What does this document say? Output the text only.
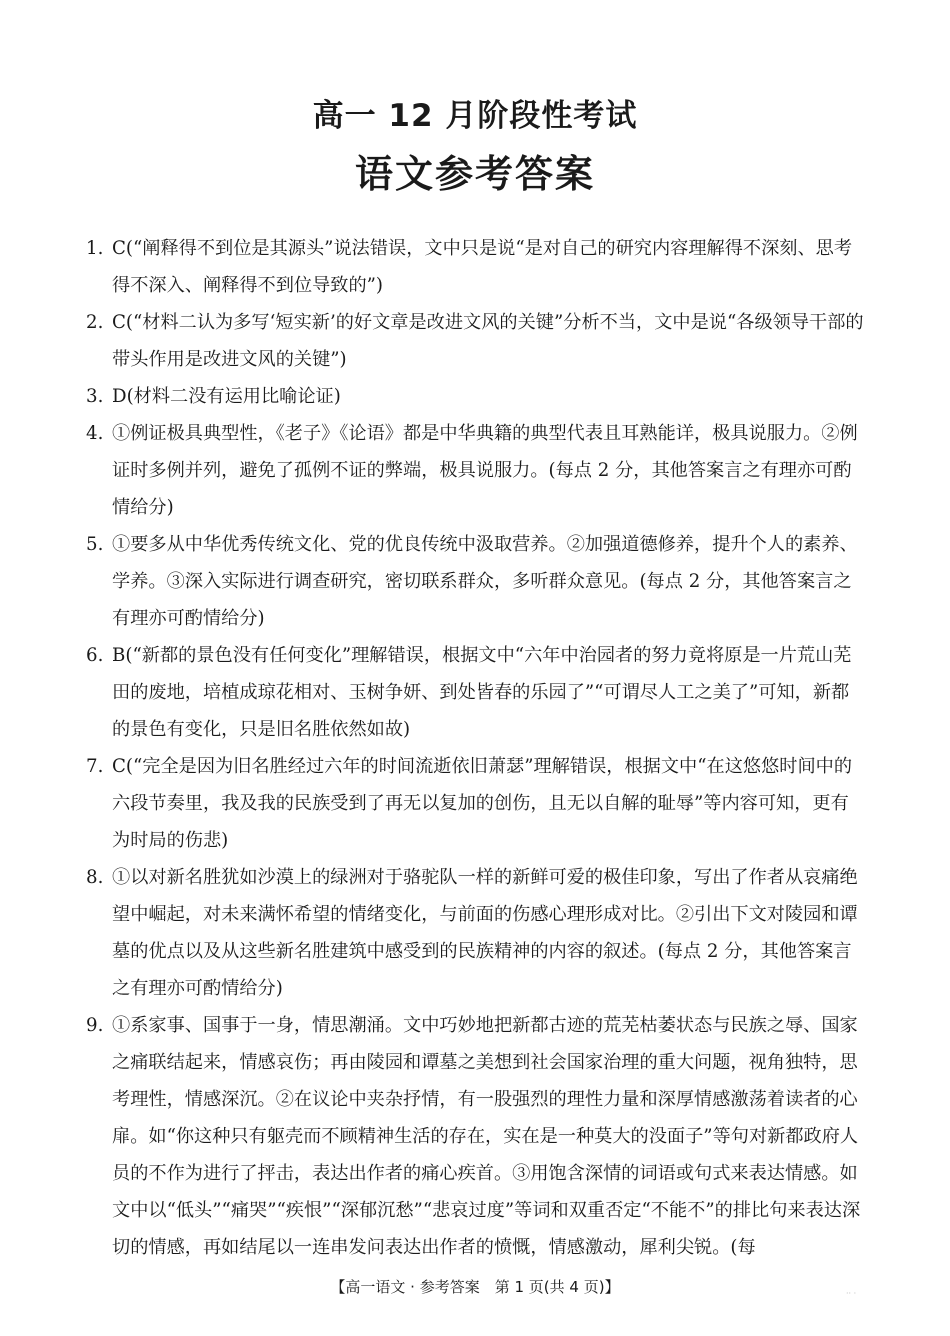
高一 12 月阶段性考试
语文参考答案
1. C(“阐释得不到位是其源头”说法错误，文中只是说“是对自己的研究内容理解得不深刻、思考得不深入、阐释得不到位导致的”)
2. C(“材料二认为多写‘短实新’的好文章是改进文风的关键”分析不当，文中是说“各级领导干部的带头作用是改进文风的关键”)
3. D(材料二没有运用比喻论证)
4. ①例证极具典型性，《老子》《论语》都是中华典籍的典型代表且耳熟能详，极具说服力。②例证时多例并列，避免了孤例不证的弊端，极具说服力。(每点 2 分，其他答案言之有理亦可酌情给分)
5. ①要多从中华优秀传统文化、党的优良传统中汲取营养。②加强道德修养，提升个人的素养、学养。③深入实际进行调查研究，密切联系群众，多听群众意见。(每点 2 分，其他答案言之有理亦可酌情给分)
6. B(“新都的景色没有任何变化”理解错误，根据文中“六年中治园者的努力竟将原是一片荒山芜田的废地，培植成琼花相对、玉树争妍、到处皆春的乐园了”“可谓尽人工之美了”可知，新都的景色有变化，只是旧名胜依然如故)
7. C(“完全是因为旧名胜经过六年的时间流逝依旧萧瑟”理解错误，根据文中“在这悠悠时间中的六段节奏里，我及我的民族受到了再无以复加的创伤，且无以自解的耻辱”等内容可知，更有为时局的伤悲)
8. ①以对新名胜犹如沙漠上的绿洲对于骆驼队一样的新鲜可爱的极佳印象，写出了作者从哀痛绝望中崛起，对未来满怀希望的情绪变化，与前面的伤感心理形成对比。②引出下文对陵园和谭墓的优点以及从这些新名胜建筑中感受到的民族精神的内容的叙述。(每点 2 分，其他答案言之有理亦可酌情给分)
9. ①系家事、国事于一身，情思潮涌。文中巧妙地把新都古迹的荒芜枯萎状态与民族之辱、国家之痛联结起来，情感哀伤；再由陵园和谭墓之美想到社会国家治理的重大问题，视角独特，思考理性，情感深沉。②在议论中夹杂抒情，有一股强烈的理性力量和深厚情感激荡着读者的心扉。如“你这种只有躯壳而不顾精神生活的存在，实在是一种莫大的没面子”等句对新都政府人员的不作为进行了抨击，表达出作者的痛心疾首。③用饱含深情的词语或句式来表达情感。如文中以“低头”“痛哭”“疾恨”“深郁沉愁”“悲哀过度”等词和双重否定“不能不”的排比句来表达深切的情感，再如结尾以一连串发问表达出作者的愤慨，情感激动，犀利尖锐。(每
【高一语文 · 参考答案　第 1 页(共 4 页)】	·· ·
